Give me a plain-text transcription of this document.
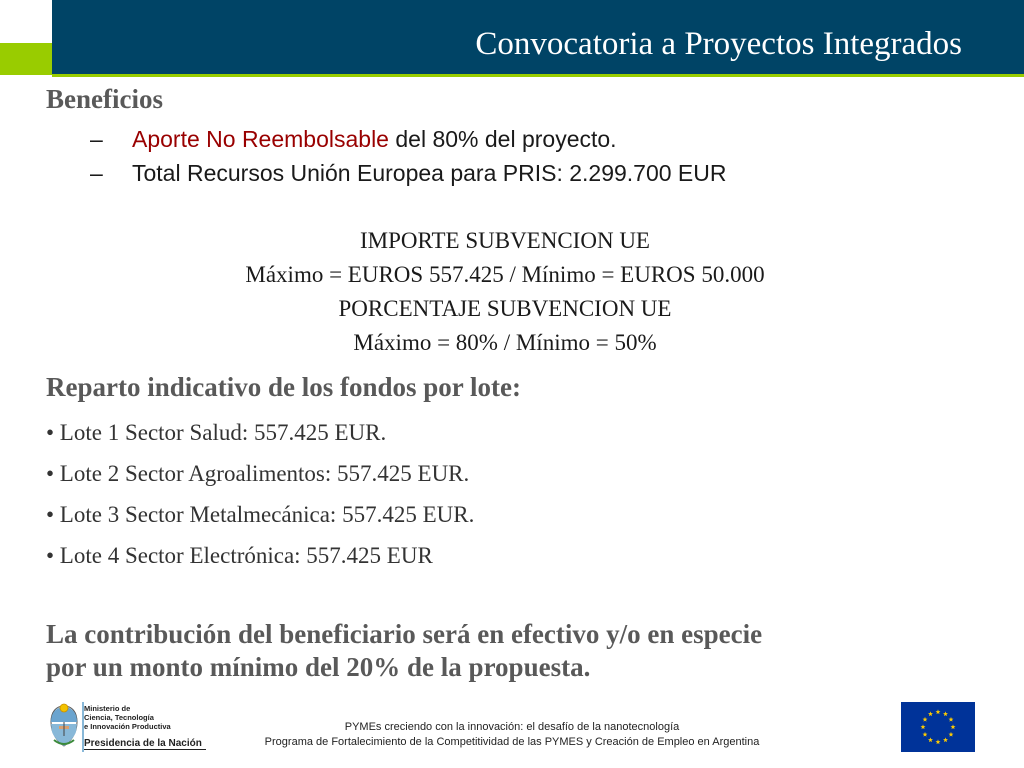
Convocatoria a Proyectos Integrados
Beneficios
– Aporte No Reembolsable del 80% del proyecto.
– Total Recursos Unión Europea para PRIS: 2.299.700 EUR
IMPORTE SUBVENCION UE
Máximo = EUROS 557.425 / Mínimo = EUROS 50.000
PORCENTAJE SUBVENCION UE
Máximo = 80% / Mínimo = 50%
Reparto indicativo de los fondos por lote:
• Lote 1 Sector Salud: 557.425 EUR.
• Lote 2 Sector Agroalimentos: 557.425 EUR.
• Lote 3 Sector Metalmecánica: 557.425 EUR.
• Lote 4 Sector Electrónica: 557.425 EUR
La contribución del beneficiario será en efectivo y/o en especie
por un monto mínimo del 20% de la propuesta.
Ministerio de
Ciencia, Tecnología
e Innovación Productiva
Presidencia de la Nación
PYMEs creciendo con la innovación: el desafío de la nanotecnología
Programa de Fortalecimiento de la Competitividad de las PYMES y Creación de Empleo en Argentina
